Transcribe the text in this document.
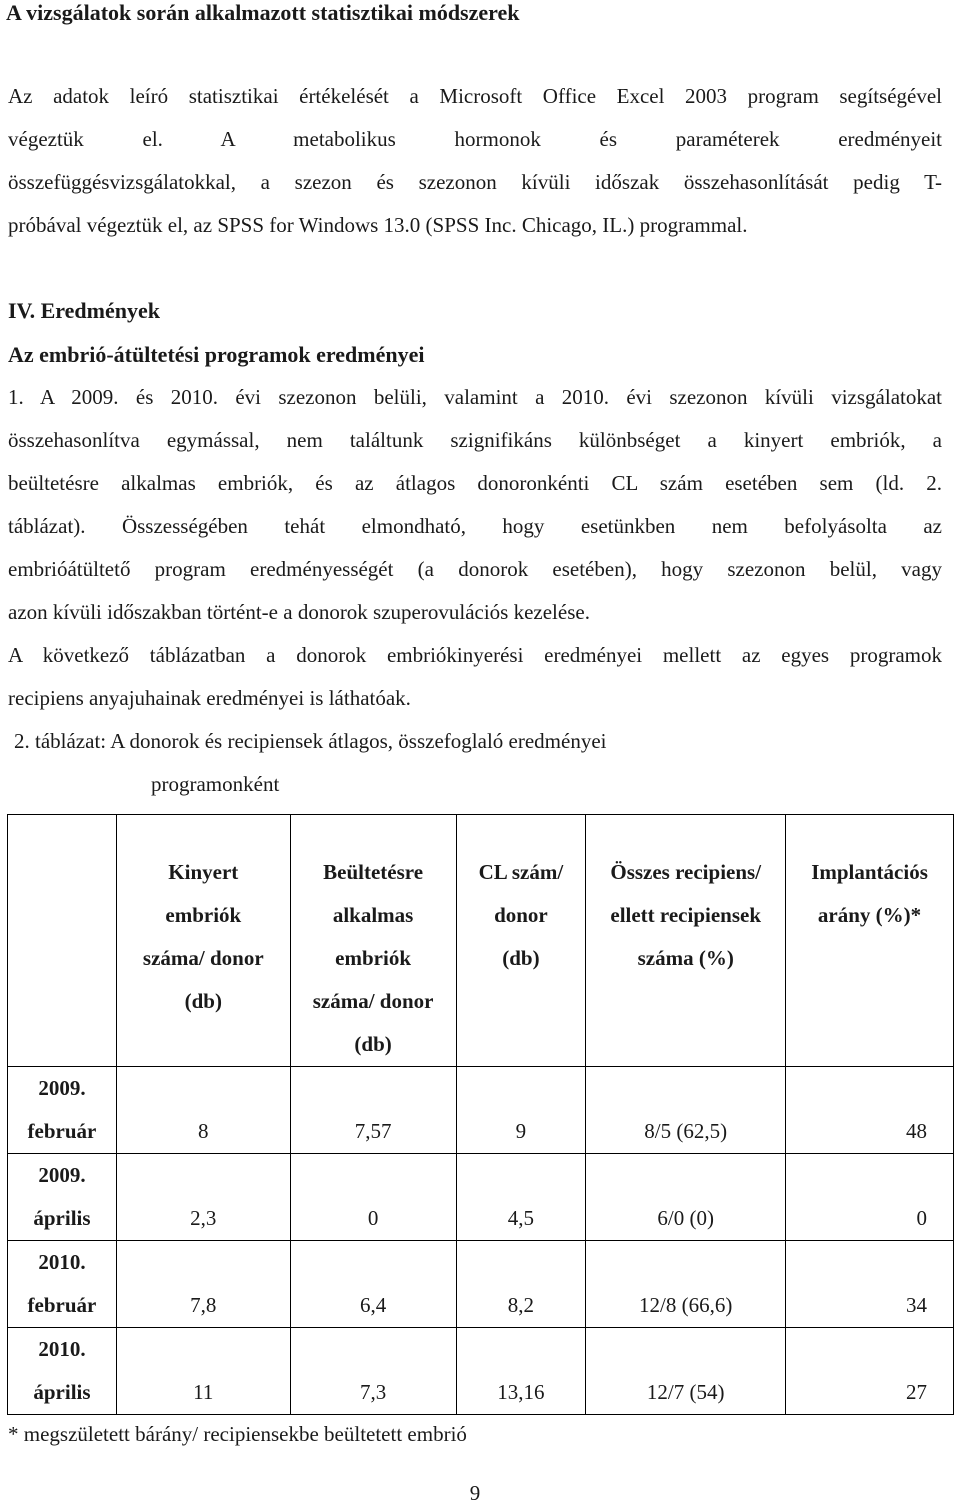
A vizsgálatok során alkalmazott statisztikai módszerek
Az adatok leíró statisztikai értékelését a Microsoft Office Excel 2003 program segítségével
végeztük el. A metabolikus hormonok és paraméterek eredményeit
összefüggésvizsgálatokkal, a szezon és szezonon kívüli időszak összehasonlítását pedig T-
próbával végeztük el, az SPSS for Windows 13.0 (SPSS Inc. Chicago, IL.) programmal.
IV. Eredmények
Az embrió-átültetési programok eredményei
1. A 2009. és 2010. évi szezonon belüli, valamint a 2010. évi szezonon kívüli vizsgálatokat
összehasonlítva egymással, nem találtunk szignifikáns különbséget a kinyert embriók, a
beültetésre alkalmas embriók, és az átlagos donoronkénti CL szám esetében sem (ld. 2.
táblázat). Összességében tehát elmondható, hogy esetünkben nem befolyásolta az
embrióátültető program eredményességét (a donorok esetében), hogy szezonon belül, vagy
azon kívüli időszakban történt-e a donorok szuperovulációs kezelése.
A következő táblázatban a donorok embriókinyerési eredményei mellett az egyes programok
recipiens anyajuhainak eredményei is láthatóak.
2. táblázat: A donorok és recipiensek átlagos, összefoglaló eredményei
programonként
	Kinyert
embriók
száma/ donor
(db)	Beültetésre
alkalmas
embriók
száma/ donor
(db)	CL szám/
donor
(db)	Összes recipiens/
ellett recipiensek
száma (%)	Implantációs
arány (%)*
2009.
február	8	7,57	9	8/5 (62,5)	48
2009.
április	2,3	0	4,5	6/0 (0)	0
2010.
február	7,8	6,4	8,2	12/8 (66,6)	34
2010.
április	11	7,3	13,16	12/7 (54)	27
* megszületett bárány/ recipiensekbe beültetett embrió
9
